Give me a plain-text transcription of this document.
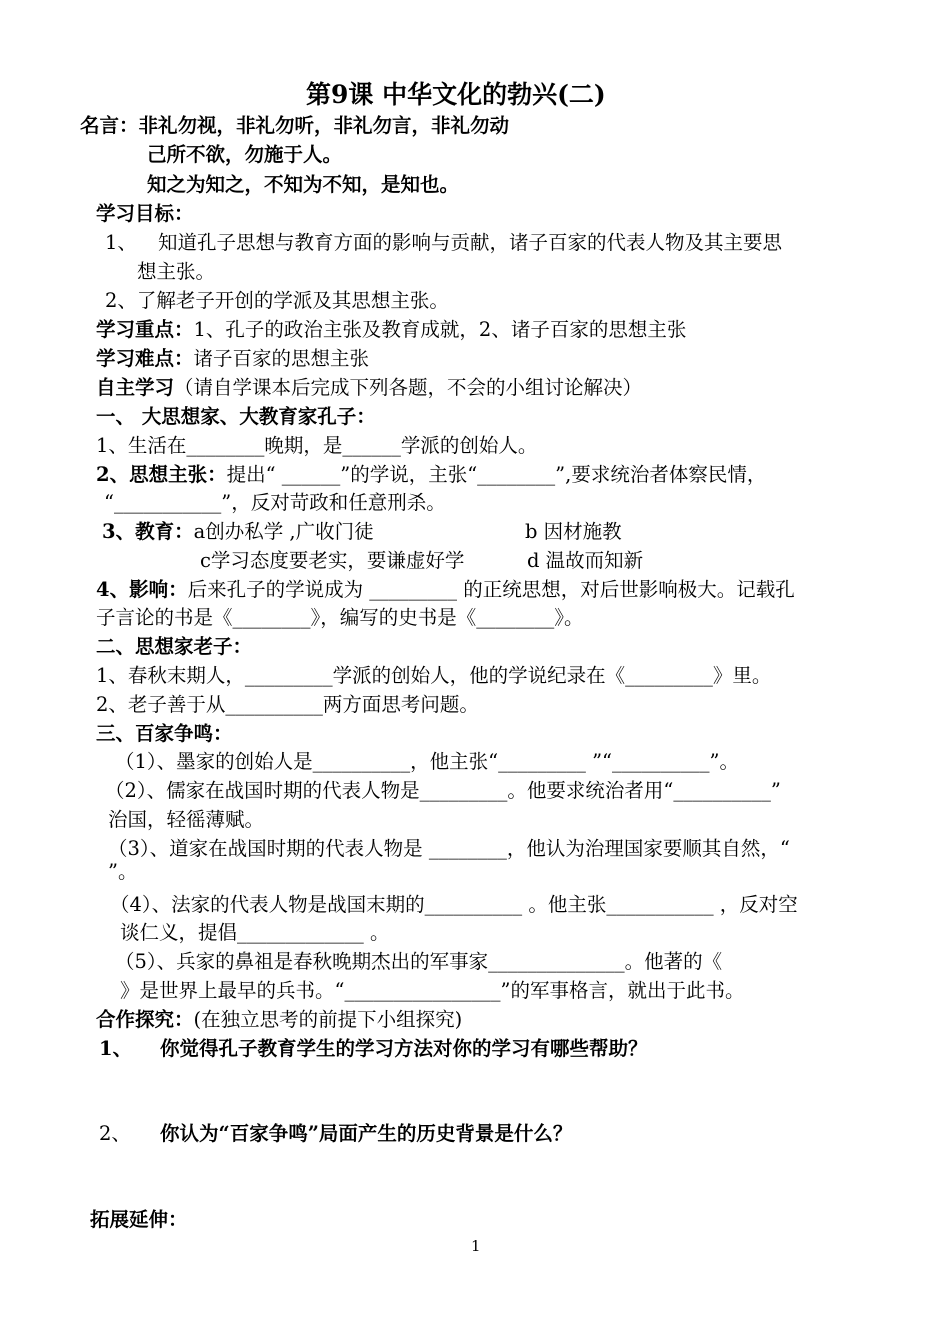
第9课 中华文化的勃兴(二)
名言：非礼勿视，非礼勿听，非礼勿言，非礼勿动
己所不欲，勿施于人。
知之为知之，不知为不知，是知也。
学习目标：
1、 知道孔子思想与教育方面的影响与贡献，诸子百家的代表人物及其主要思
想主张。
2、了解老子开创的学派及其思想主张。
学习重点：1、孔子的政治主张及教育成就，2、诸子百家的思想主张
学习难点：诸子百家的思想主张
自主学习（请自学课本后完成下列各题，不会的小组讨论解决）
一、 大思想家、大教育家孔子：
1、生活在________晚期，是______学派的创始人。
2、思想主张：提出“ ______”的学说，主张“________”,要求统治者体察民情，
“___________”，反对苛政和任意刑杀。
3、教育：a创办私学 ,广收门徒	b 因材施教
c学习态度要老实，要谦虚好学	d 温故而知新
4、影响：后来孔子的学说成为 _________ 的正统思想，对后世影响极大。记载孔
子言论的书是《________》，编写的史书是《________》。
二、思想家老子：
1、春秋末期人，_________学派的创始人，他的学说纪录在《_________》里。
2、老子善于从__________两方面思考问题。
三、百家争鸣：
（1）、墨家的创始人是__________，他主张“_________ ”“__________”。
（2）、儒家在战国时期的代表人物是_________。他要求统治者用“__________”
治国，轻徭薄赋。
（3）、道家在战国时期的代表人物是 ________，他认为治理国家要顺其自然，“
”。
（4）、法家的代表人物是战国末期的__________ 。他主张___________ ，反对空
谈仁义，提倡_____________ 。
（5）、兵家的鼻祖是春秋晚期杰出的军事家______________。他著的《
》是世界上最早的兵书。“________________”的军事格言，就出于此书。
合作探究：(在独立思考的前提下小组探究)
1、 你觉得孔子教育学生的学习方法对你的学习有哪些帮助？
2、 你认为“百家争鸣”局面产生的历史背景是什么？
拓展延伸：
1
